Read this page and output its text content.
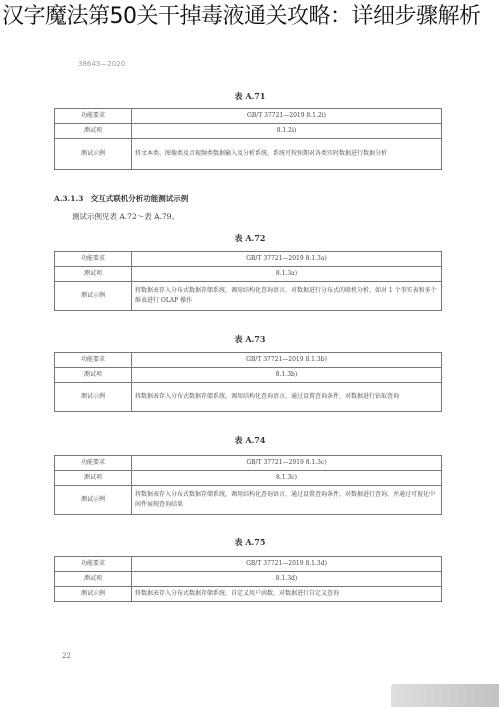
表 A.71
功能要求	GB/T 37721—2019 8.1.2i)
测试项	8.1.2i)
测试示例	将文本类、图像类及音视频类数据输入及分析系统，系统可按预期对各类实时数据进行数据分析
A.3.1.3　交互式联机分析功能测试示例
测试示例见表 A.72～表 A.79。
表 A.72
功能要求	GB/T 37721—2019 8.1.3a)
测试项	8.1.3a)
测试示例	将数据表存入分布式数据存储系统，调用结构化查询语言，对数据进行分布式的联机分析，如对 1 个事实表和多个维表进行 OLAP 操作
表 A.73
功能要求	GB/T 37721—2019 8.1.3b)
测试项	8.1.3b)
测试示例	将数据表存入分布式数据存储系统，调用结构化查询语言，通过设置查询条件，对数据进行钻取查询
表 A.74
功能要求	GB/T 37721—2019 8.1.3c)
测试项	8.1.3c)
测试示例	将数据表存入分布式数据存储系统，调用结构化查询语言，通过设置查询条件，对数据进行查询，并通过可视化中间件展现查询结果
表 A.75
功能要求	GB/T 37721—2019 8.1.3d)
测试项	8.1.3d)
测试示例	将数据表存入分布式数据存储系统，自定义用户函数，对数据进行自定义查询
22
38643—2020
汉字魔法第50关干掉毒液通关攻略：详细步骤解析
